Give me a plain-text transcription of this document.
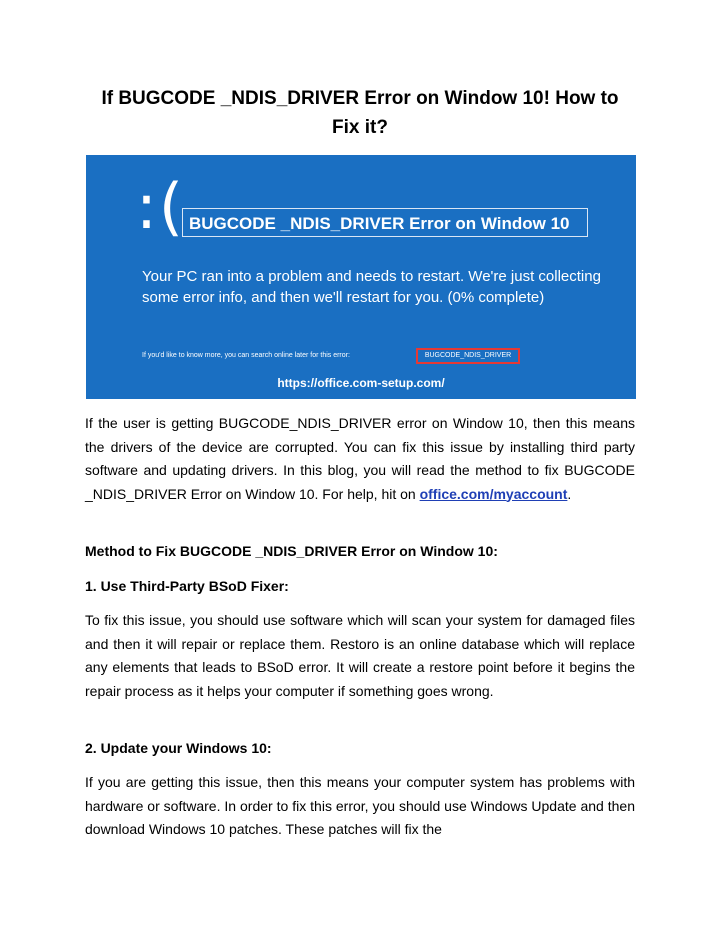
If BUGCODE _NDIS_DRIVER Error on Window 10! How to Fix it?
:( BUGCODE _NDIS_DRIVER Error on Window 10
Your PC ran into a problem and needs to restart. We're just collecting some error info, and then we'll restart for you. (0% complete)
If you'd like to know more, you can search online later for this error:	BUGCODE_NDIS_DRIVER
https://office.com-setup.com/

If the user is getting BUGCODE_NDIS_DRIVER error on Window 10, then this means the drivers of the device are corrupted. You can fix this issue by installing third party software and updating drivers. In this blog, you will read the method to fix BUGCODE _NDIS_DRIVER Error on Window 10. For help, hit on office.com/myaccount.

Method to Fix BUGCODE _NDIS_DRIVER Error on Window 10:

1. Use Third-Party BSoD Fixer:

To fix this issue, you should use software which will scan your system for damaged files and then it will repair or replace them. Restoro is an online database which will replace any elements that leads to BSoD error. It will create a restore point before it begins the repair process as it helps your computer if something goes wrong.

2. Update your Windows 10:

If you are getting this issue, then this means your computer system has problems with hardware or software. In order to fix this error, you should use Windows Update and then download Windows 10 patches. These patches will fix the
